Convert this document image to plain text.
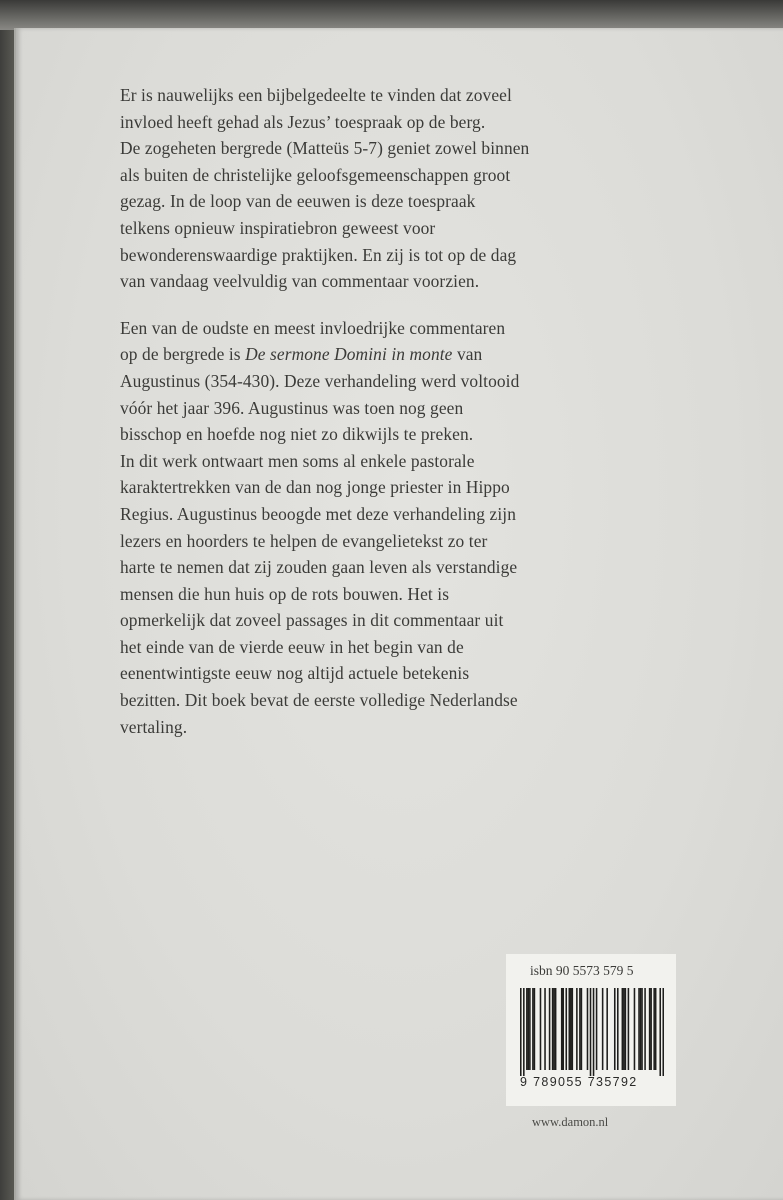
Er is nauwelijks een bijbelgedeelte te vinden dat zoveel
invloed heeft gehad als Jezus’ toespraak op de berg.
De zogeheten bergrede (Matteüs 5-7) geniet zowel binnen
als buiten de christelijke geloofsgemeenschappen groot
gezag. In de loop van de eeuwen is deze toespraak
telkens opnieuw inspiratiebron geweest voor
bewonderenswaardige praktijken. En zij is tot op de dag
van vandaag veelvuldig van commentaar voorzien.
Een van de oudste en meest invloedrijke commentaren
op de bergrede is De sermone Domini in monte van
Augustinus (354-430). Deze verhandeling werd voltooid
vóór het jaar 396. Augustinus was toen nog geen
bisschop en hoefde nog niet zo dikwijls te preken.
In dit werk ontwaart men soms al enkele pastorale
karaktertrekken van de dan nog jonge priester in Hippo
Regius. Augustinus beoogde met deze verhandeling zijn
lezers en hoorders te helpen de evangelietekst zo ter
harte te nemen dat zij zouden gaan leven als verstandige
mensen die hun huis op de rots bouwen. Het is
opmerkelijk dat zoveel passages in dit commentaar uit
het einde van de vierde eeuw in het begin van de
eenentwintigste eeuw nog altijd actuele betekenis
bezitten. Dit boek bevat de eerste volledige Nederlandse
vertaling.
isbn 90 5573 579 5
9 789055 735792
www.damon.nl
